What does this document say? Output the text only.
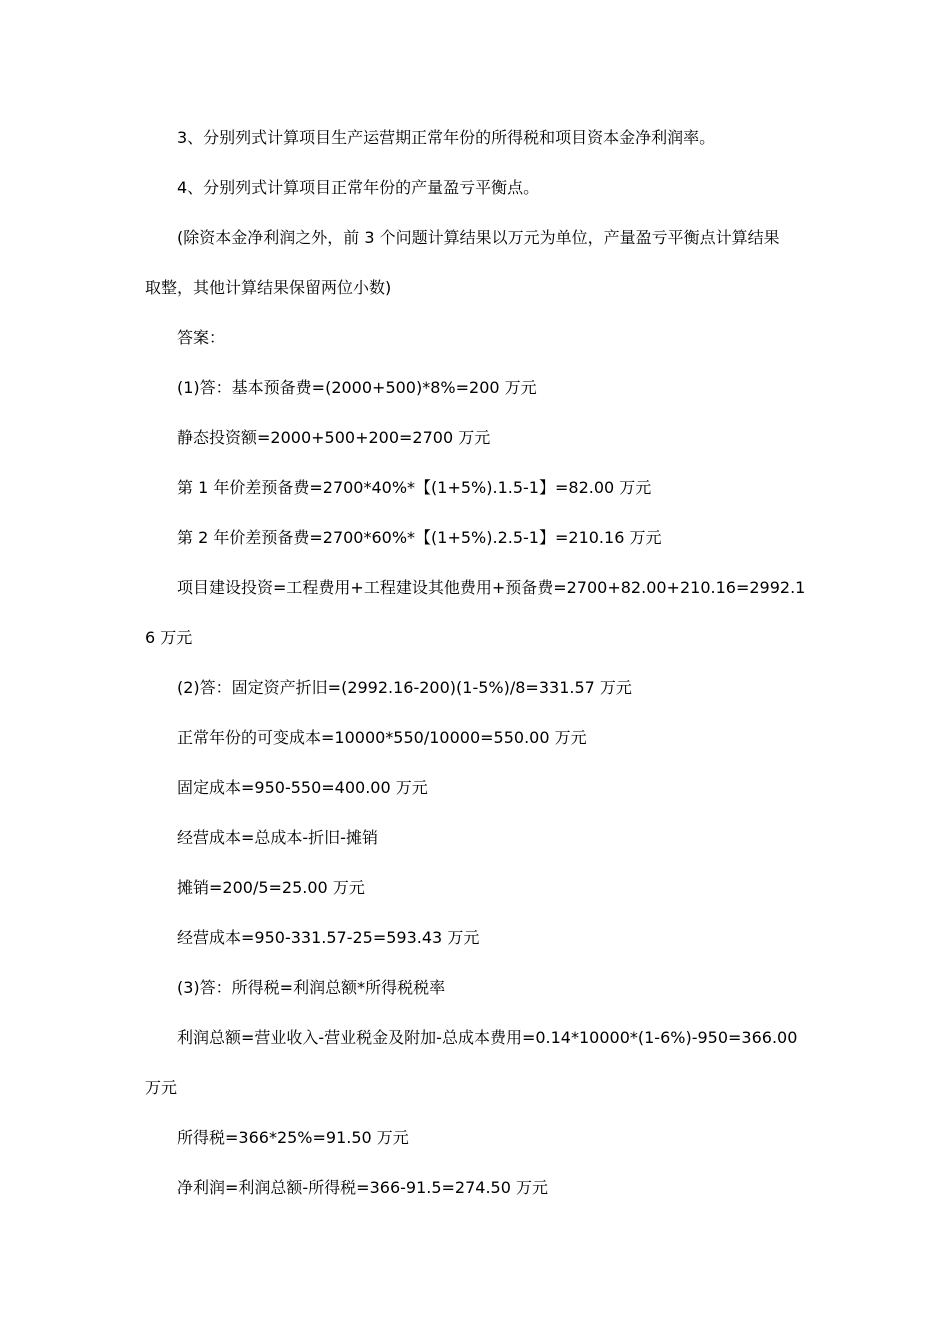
3、分别列式计算项目生产运营期正常年份的所得税和项目资本金净利润率。
4、分别列式计算项目正常年份的产量盈亏平衡点。
(除资本金净利润之外，前 3 个问题计算结果以万元为单位，产量盈亏平衡点计算结果
取整，其他计算结果保留两位小数)
答案：
(1)答：基本预备费=(2000+500)*8%=200 万元
静态投资额=2000+500+200=2700 万元
第 1 年价差预备费=2700*40%*【(1+5%).1.5-1】=82.00 万元
第 2 年价差预备费=2700*60%*【(1+5%).2.5-1】=210.16 万元
项目建设投资=工程费用+工程建设其他费用+预备费=2700+82.00+210.16=2992.1
6 万元
(2)答：固定资产折旧=(2992.16-200)(1-5%)/8=331.57 万元
正常年份的可变成本=10000*550/10000=550.00 万元
固定成本=950-550=400.00 万元
经营成本=总成本-折旧-摊销
摊销=200/5=25.00 万元
经营成本=950-331.57-25=593.43 万元
(3)答：所得税=利润总额*所得税税率
利润总额=营业收入-营业税金及附加-总成本费用=0.14*10000*(1-6%)-950=366.00
万元
所得税=366*25%=91.50 万元
净利润=利润总额-所得税=366-91.5=274.50 万元
